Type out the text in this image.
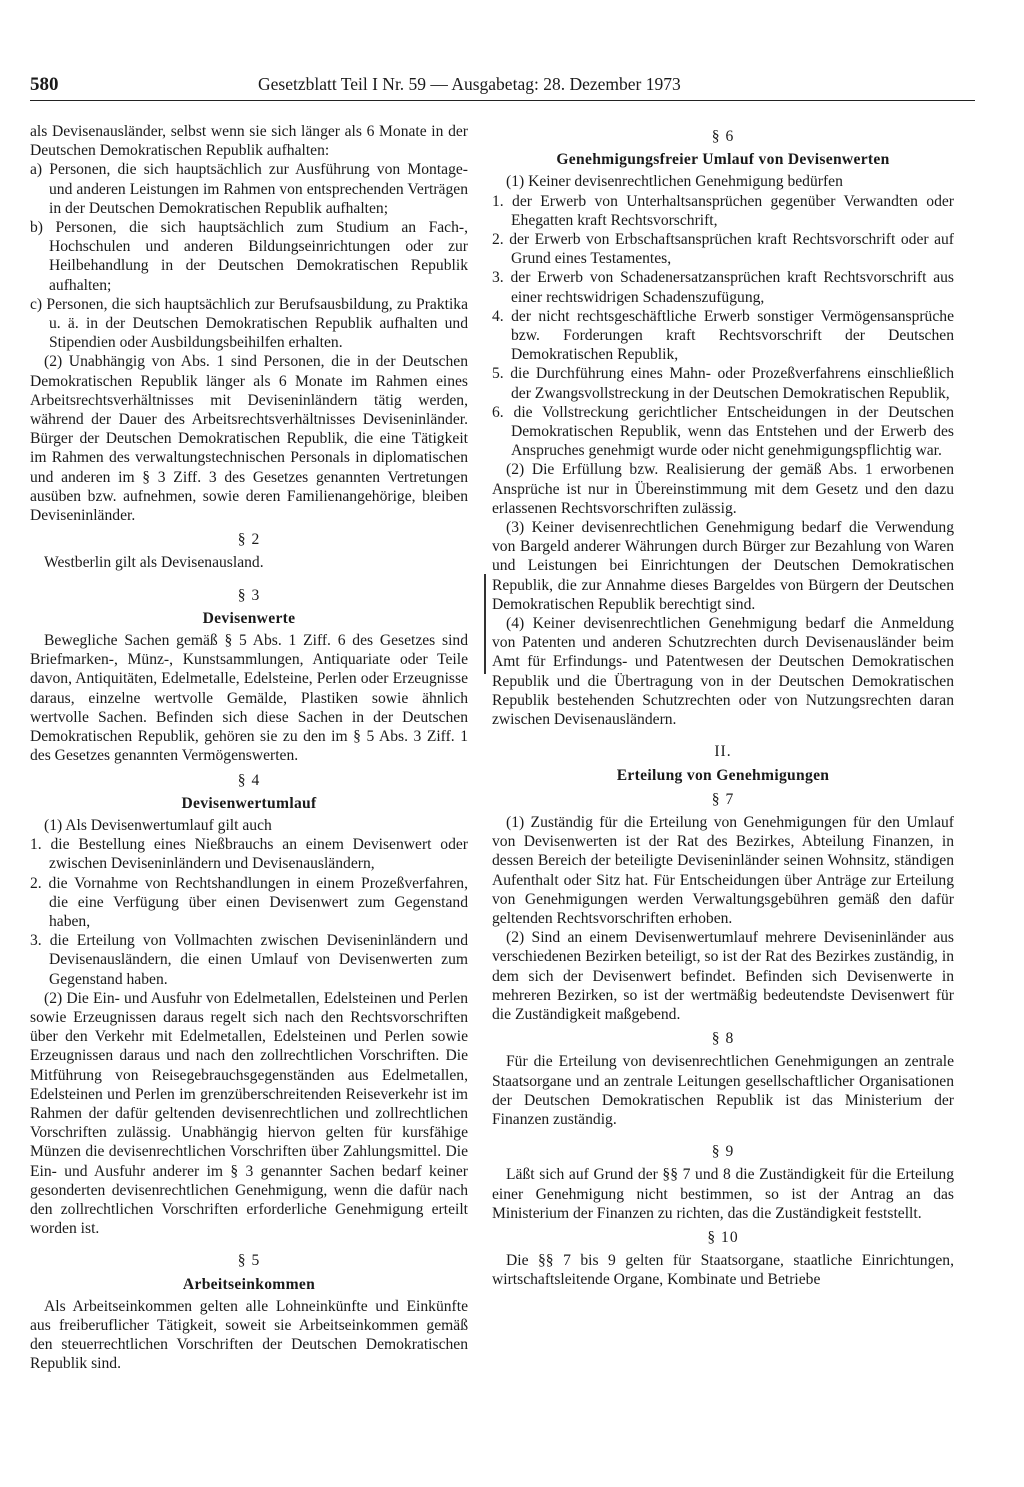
580	Gesetzblatt Teil I Nr. 59 — Ausgabetag: 28. Dezember 1973

als Devisenausländer, selbst wenn sie sich länger als 6 Monate in der Deutschen Demokratischen Republik aufhalten:

a) Personen, die sich hauptsächlich zur Ausführung von Montage- und anderen Leistungen im Rahmen von entsprechenden Verträgen in der Deutschen Demokratischen Republik aufhalten;

b) Personen, die sich hauptsächlich zum Studium an Fach-, Hochschulen und anderen Bildungseinrichtungen oder zur Heilbehandlung in der Deutschen Demokratischen Republik aufhalten;

c) Personen, die sich hauptsächlich zur Berufsausbildung, zu Praktika u. ä. in der Deutschen Demokratischen Republik aufhalten und Stipendien oder Ausbildungsbeihilfen erhalten.

(2) Unabhängig von Abs. 1 sind Personen, die in der Deutschen Demokratischen Republik länger als 6 Monate im Rahmen eines Arbeitsrechtsverhältnisses mit Deviseninländern tätig werden, während der Dauer des Arbeitsrechtsverhältnisses Deviseninländer. Bürger der Deutschen Demokratischen Republik, die eine Tätigkeit im Rahmen des verwaltungstechnischen Personals in diplomatischen und anderen im § 3 Ziff. 3 des Gesetzes genannten Vertretungen ausüben bzw. aufnehmen, sowie deren Familienangehörige, bleiben Deviseninländer.

§ 2

Westberlin gilt als Devisenausland.

§ 3

Devisenwerte

Bewegliche Sachen gemäß § 5 Abs. 1 Ziff. 6 des Gesetzes sind Briefmarken-, Münz-, Kunstsammlungen, Antiquariate oder Teile davon, Antiquitäten, Edelmetalle, Edelsteine, Perlen oder Erzeugnisse daraus, einzelne wertvolle Gemälde, Plastiken sowie ähnlich wertvolle Sachen. Befinden sich diese Sachen in der Deutschen Demokratischen Republik, gehören sie zu den im § 5 Abs. 3 Ziff. 1 des Gesetzes genannten Vermögenswerten.

§ 4

Devisenwertumlauf

(1) Als Devisenwertumlauf gilt auch

1. die Bestellung eines Nießbrauchs an einem Devisenwert oder zwischen Deviseninländern und Devisenausländern,

2. die Vornahme von Rechtshandlungen in einem Prozeßverfahren, die eine Verfügung über einen Devisenwert zum Gegenstand haben,

3. die Erteilung von Vollmachten zwischen Deviseninländern und Devisenausländern, die einen Umlauf von Devisenwerten zum Gegenstand haben.

(2) Die Ein- und Ausfuhr von Edelmetallen, Edelsteinen und Perlen sowie Erzeugnissen daraus regelt sich nach den Rechtsvorschriften über den Verkehr mit Edelmetallen, Edelsteinen und Perlen sowie Erzeugnissen daraus und nach den zollrechtlichen Vorschriften. Die Mitführung von Reisegebrauchsgegenständen aus Edelmetallen, Edelsteinen und Perlen im grenzüberschreitenden Reiseverkehr ist im Rahmen der dafür geltenden devisenrechtlichen und zollrechtlichen Vorschriften zulässig. Unabhängig hiervon gelten für kursfähige Münzen die devisenrechtlichen Vorschriften über Zahlungsmittel. Die Ein- und Ausfuhr anderer im § 3 genannter Sachen bedarf keiner gesonderten devisenrechtlichen Genehmigung, wenn die dafür nach den zollrechtlichen Vorschriften erforderliche Genehmigung erteilt worden ist.

§ 5

Arbeitseinkommen

Als Arbeitseinkommen gelten alle Lohneinkünfte und Einkünfte aus freiberuflicher Tätigkeit, soweit sie Arbeitseinkommen gemäß den steuerrechtlichen Vorschriften der Deutschen Demokratischen Republik sind.

§ 6

Genehmigungsfreier Umlauf von Devisenwerten

(1) Keiner devisenrechtlichen Genehmigung bedürfen

1. der Erwerb von Unterhaltsansprüchen gegenüber Verwandten oder Ehegatten kraft Rechtsvorschrift,

2. der Erwerb von Erbschaftsansprüchen kraft Rechtsvorschrift oder auf Grund eines Testamentes,

3. der Erwerb von Schadenersatzansprüchen kraft Rechtsvorschrift aus einer rechtswidrigen Schadenszufügung,

4. der nicht rechtsgeschäftliche Erwerb sonstiger Vermögensansprüche bzw. Forderungen kraft Rechtsvorschrift der Deutschen Demokratischen Republik,

5. die Durchführung eines Mahn- oder Prozeßverfahrens einschließlich der Zwangsvollstreckung in der Deutschen Demokratischen Republik,

6. die Vollstreckung gerichtlicher Entscheidungen in der Deutschen Demokratischen Republik, wenn das Entstehen und der Erwerb des Anspruches genehmigt wurde oder nicht genehmigungspflichtig war.

(2) Die Erfüllung bzw. Realisierung der gemäß Abs. 1 erworbenen Ansprüche ist nur in Übereinstimmung mit dem Gesetz und den dazu erlassenen Rechtsvorschriften zulässig.

(3) Keiner devisenrechtlichen Genehmigung bedarf die Verwendung von Bargeld anderer Währungen durch Bürger zur Bezahlung von Waren und Leistungen bei Einrichtungen der Deutschen Demokratischen Republik, die zur Annahme dieses Bargeldes von Bürgern der Deutschen Demokratischen Republik berechtigt sind.

(4) Keiner devisenrechtlichen Genehmigung bedarf die Anmeldung von Patenten und anderen Schutzrechten durch Devisenausländer beim Amt für Erfindungs- und Patentwesen der Deutschen Demokratischen Republik und die Übertragung von in der Deutschen Demokratischen Republik bestehenden Schutzrechten oder von Nutzungsrechten daran zwischen Devisenausländern.

II.

Erteilung von Genehmigungen

§ 7

(1) Zuständig für die Erteilung von Genehmigungen für den Umlauf von Devisenwerten ist der Rat des Bezirkes, Abteilung Finanzen, in dessen Bereich der beteiligte Deviseninländer seinen Wohnsitz, ständigen Aufenthalt oder Sitz hat. Für Entscheidungen über Anträge zur Erteilung von Genehmigungen werden Verwaltungsgebühren gemäß den dafür geltenden Rechtsvorschriften erhoben.

(2) Sind an einem Devisenwertumlauf mehrere Deviseninländer aus verschiedenen Bezirken beteiligt, so ist der Rat des Bezirkes zuständig, in dem sich der Devisenwert befindet. Befinden sich Devisenwerte in mehreren Bezirken, so ist der wertmäßig bedeutendste Devisenwert für die Zuständigkeit maßgebend.

§ 8

Für die Erteilung von devisenrechtlichen Genehmigungen an zentrale Staatsorgane und an zentrale Leitungen gesellschaftlicher Organisationen der Deutschen Demokratischen Republik ist das Ministerium der Finanzen zuständig.

§ 9

Läßt sich auf Grund der §§ 7 und 8 die Zuständigkeit für die Erteilung einer Genehmigung nicht bestimmen, so ist der Antrag an das Ministerium der Finanzen zu richten, das die Zuständigkeit feststellt.

§ 10

Die §§ 7 bis 9 gelten für Staatsorgane, staatliche Einrichtungen, wirtschaftsleitende Organe, Kombinate und Betriebe
